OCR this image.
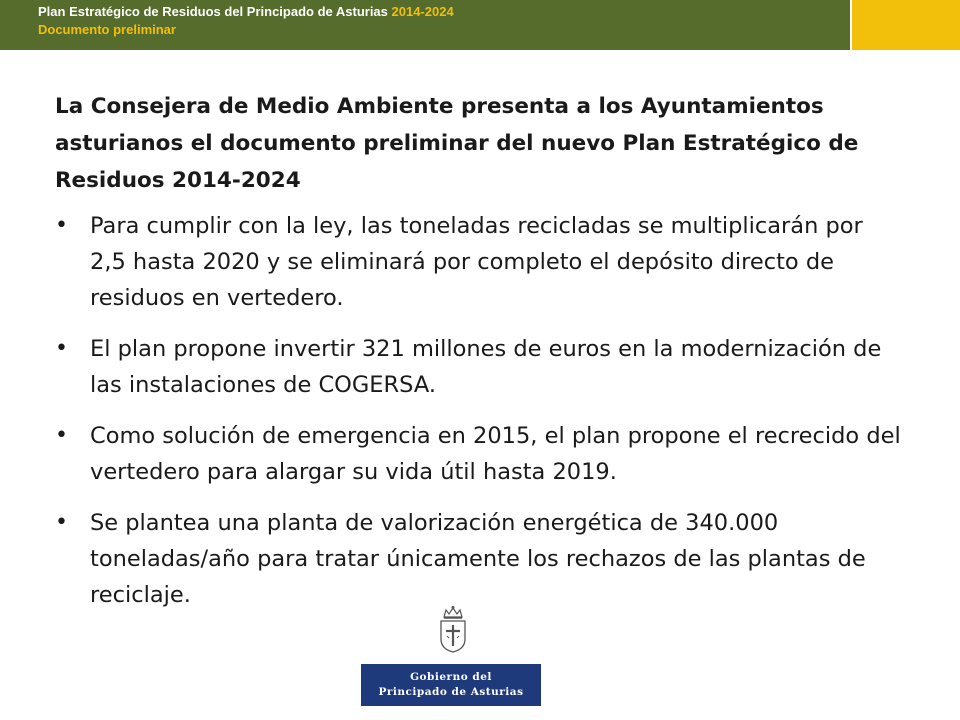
Plan Estratégico de Residuos del Principado de Asturias 2014-2024
Documento preliminar
La Consejera de Medio Ambiente presenta a los Ayuntamientos asturianos el documento preliminar del nuevo Plan Estratégico de Residuos 2014-2024
• Para cumplir con la ley, las toneladas recicladas se multiplicarán por 2,5 hasta 2020 y se eliminará por completo el depósito directo de residuos en vertedero.
• El plan propone invertir 321 millones de euros en la modernización de las instalaciones de COGERSA.
• Como solución de emergencia en 2015, el plan propone el recrecido del vertedero para alargar su vida útil hasta 2019.
• Se plantea una planta de valorización energética de 340.000 toneladas/año para tratar únicamente los rechazos de las plantas de reciclaje.
Gobierno del
Principado de Asturias
